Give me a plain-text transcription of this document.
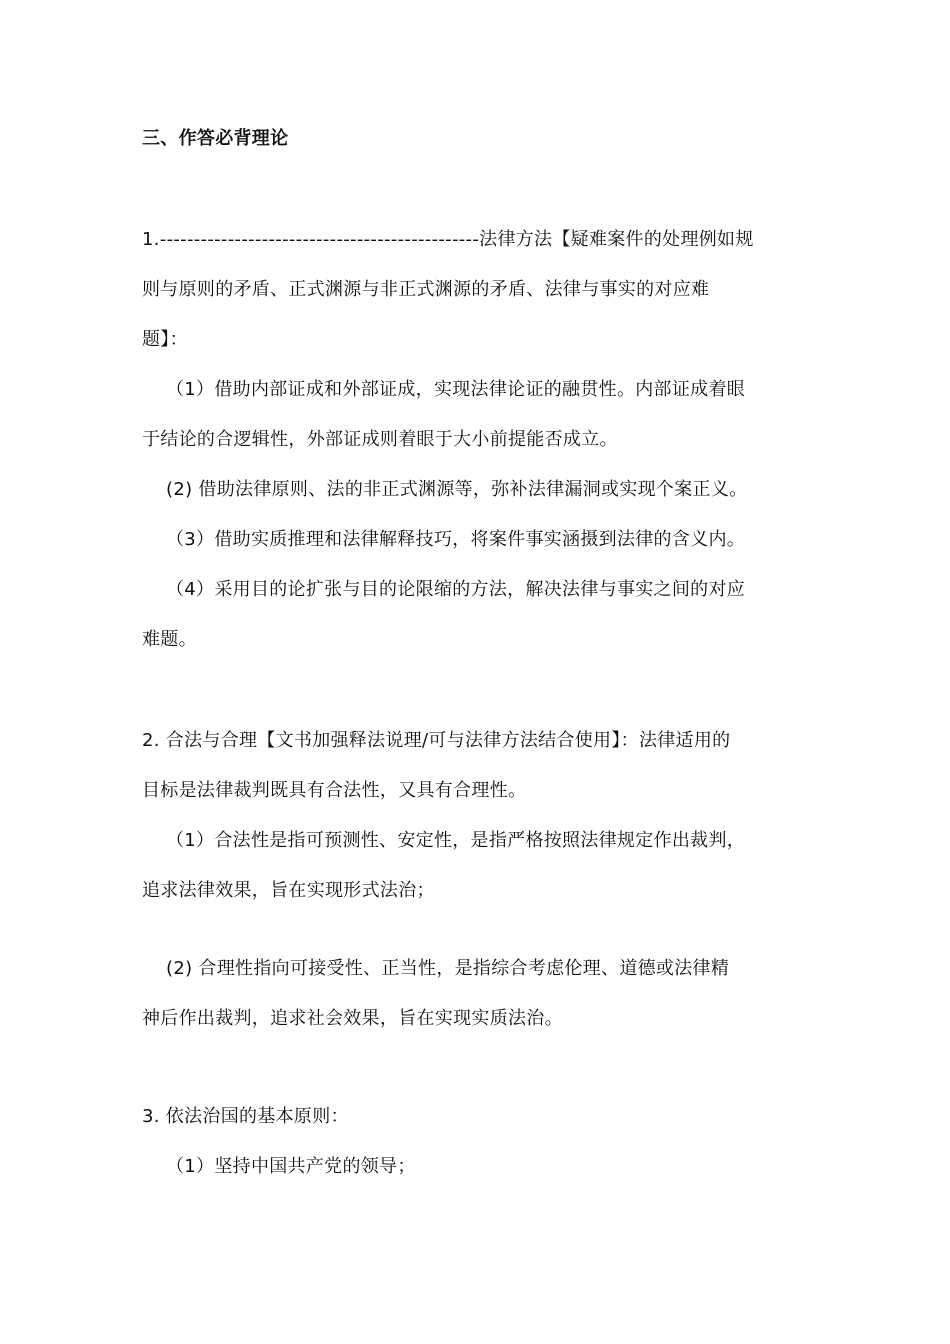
三、作答必背理论
1.-----------------------------------------------法律方法【疑难案件的处理例如规
则与原则的矛盾、正式渊源与非正式渊源的矛盾、法律与事实的对应难
题】：
（1）借助内部证成和外部证成，实现法律论证的融贯性。内部证成着眼
于结论的合逻辑性，外部证成则着眼于大小前提能否成立。
(2) 借助法律原则、法的非正式渊源等，弥补法律漏洞或实现个案正义。
（3）借助实质推理和法律解释技巧，将案件事实涵摄到法律的含义内。
（4）采用目的论扩张与目的论限缩的方法，解决法律与事实之间的对应
难题。
2. 合法与合理【文书加强释法说理/可与法律方法结合使用】：法律适用的
目标是法律裁判既具有合法性，又具有合理性。
（1）合法性是指可预测性、安定性，是指严格按照法律规定作出裁判，
追求法律效果，旨在实现形式法治；
(2) 合理性指向可接受性、正当性，是指综合考虑伦理、道德或法律精
神后作出裁判，追求社会效果，旨在实现实质法治。
3. 依法治国的基本原则：
（1）坚持中国共产党的领导；
